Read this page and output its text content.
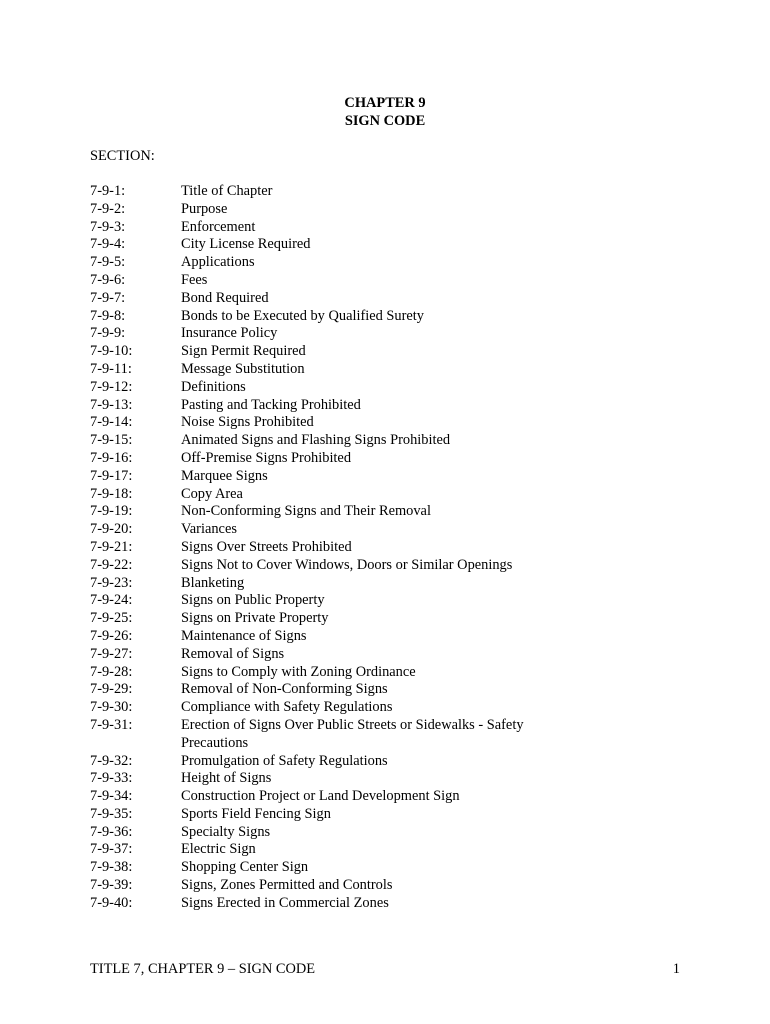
CHAPTER 9
SIGN CODE
SECTION:
7-9-1:	Title of Chapter
7-9-2:	Purpose
7-9-3:	Enforcement
7-9-4:	City License Required
7-9-5:	Applications
7-9-6:	Fees
7-9-7:	Bond Required
7-9-8:	Bonds to be Executed by Qualified Surety
7-9-9:	Insurance Policy
7-9-10:	Sign Permit Required
7-9-11:	Message Substitution
7-9-12:	Definitions
7-9-13:	Pasting and Tacking Prohibited
7-9-14:	Noise Signs Prohibited
7-9-15:	Animated Signs and Flashing Signs Prohibited
7-9-16:	Off-Premise Signs Prohibited
7-9-17:	Marquee Signs
7-9-18:	Copy Area
7-9-19:	Non-Conforming Signs and Their Removal
7-9-20:	Variances
7-9-21:	Signs Over Streets Prohibited
7-9-22:	Signs Not to Cover Windows, Doors or Similar Openings
7-9-23:	Blanketing
7-9-24:	Signs on Public Property
7-9-25:	Signs on Private Property
7-9-26:	Maintenance of Signs
7-9-27:	Removal of Signs
7-9-28:	Signs to Comply with Zoning Ordinance
7-9-29:	Removal of Non-Conforming Signs
7-9-30:	Compliance with Safety Regulations
7-9-31:	Erection of Signs Over Public Streets or Sidewalks - Safety Precautions
7-9-32:	Promulgation of Safety Regulations
7-9-33:	Height of Signs
7-9-34:	Construction Project or Land Development Sign
7-9-35:	Sports Field Fencing Sign
7-9-36:	Specialty Signs
7-9-37:	Electric Sign
7-9-38:	Shopping Center Sign
7-9-39:	Signs, Zones Permitted and Controls
7-9-40:	Signs Erected in Commercial Zones
TITLE 7, CHAPTER 9 – SIGN CODE	1
